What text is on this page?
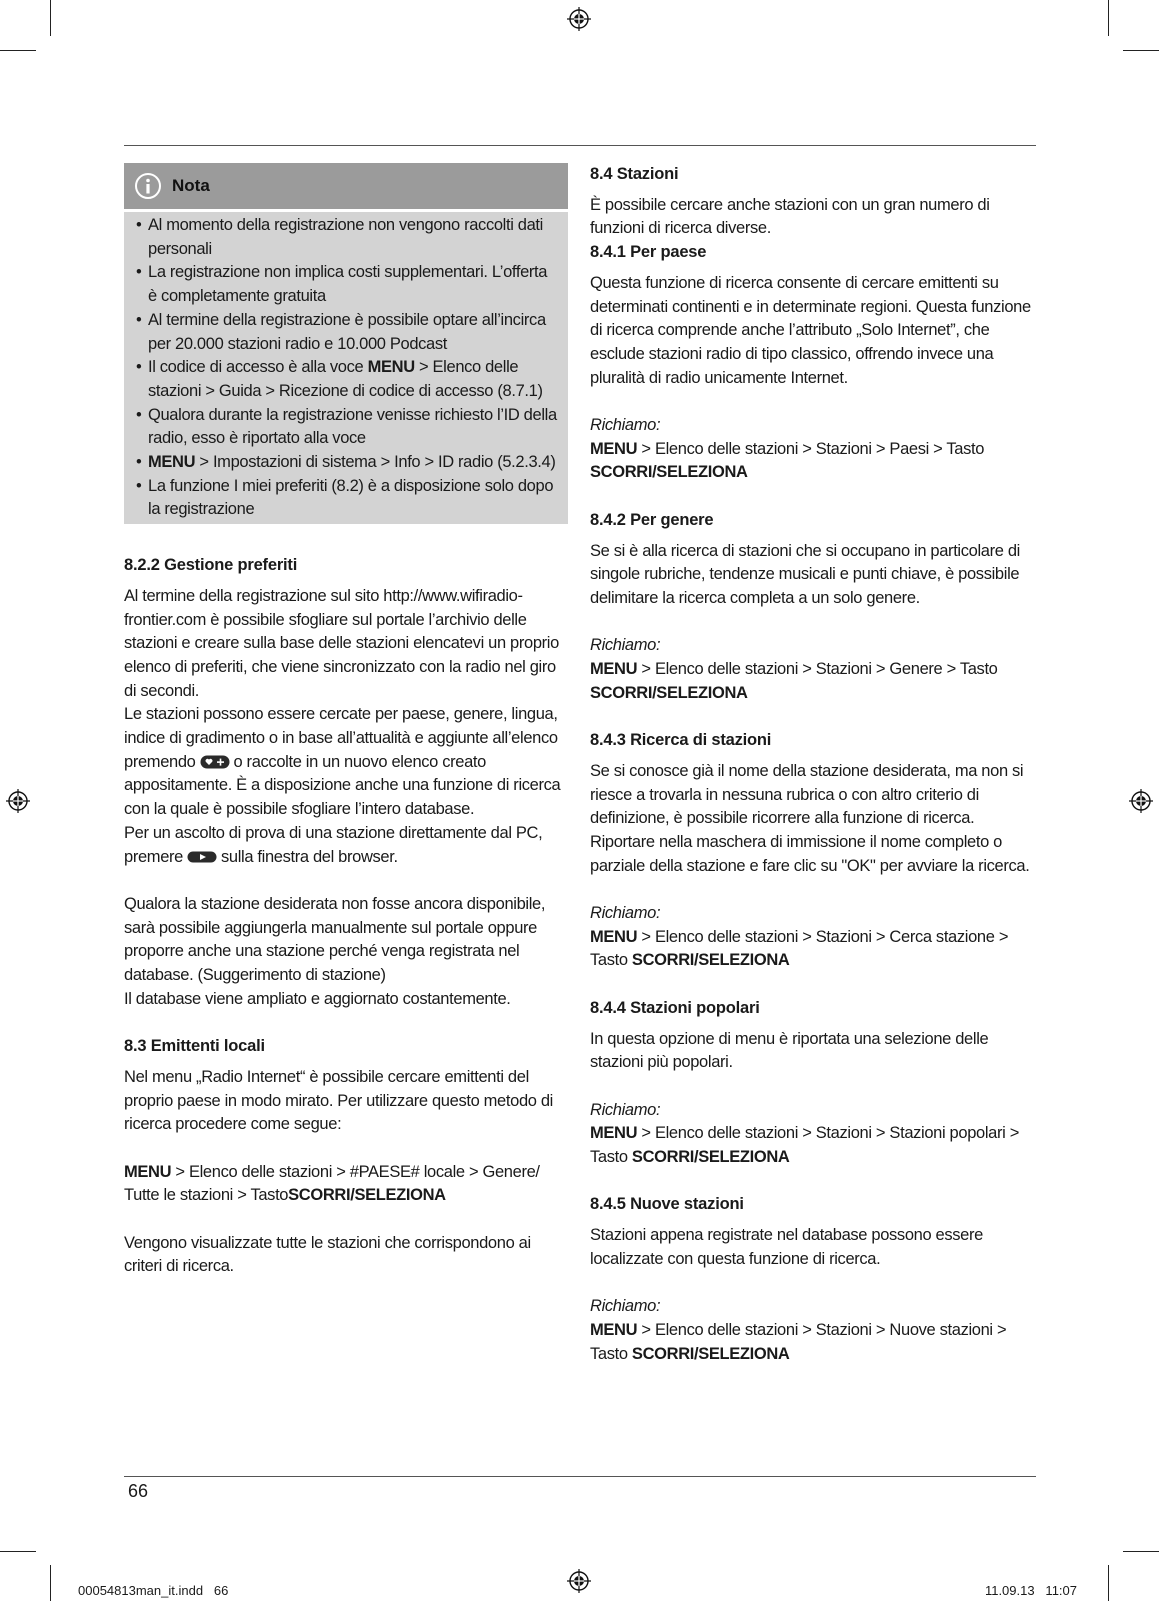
Nota
• Al momento della registrazione non vengono raccolti dati personali
• La registrazione non implica costi supplementari. L’offerta è completamente gratuita
• Al termine della registrazione è possibile optare all’incirca per 20.000 stazioni radio e 10.000 Podcast
• Il codice di accesso è alla voce MENU > Elenco delle stazioni > Guida > Ricezione di codice di accesso (8.7.1)
• Qualora durante la registrazione venisse richiesto l’ID della radio, esso è riportato alla voce
• MENU > Impostazioni di sistema > Info > ID radio (5.2.3.4)
• La funzione I miei preferiti (8.2) è a disposizione solo dopo la registrazione

8.2.2 Gestione preferiti

Al termine della registrazione sul sito http://www.wifiradio-frontier.com è possibile sfogliare sul portale l’archivio delle stazioni e creare sulla base delle stazioni elencatevi un proprio elenco di preferiti, che viene sincronizzato con la radio nel giro di secondi.

Le stazioni possono essere cercate per paese, genere, lingua, indice di gradimento o in base all’attualità e aggiunte all’elenco premendo o raccolte in un nuovo elenco creato appositamente. È a disposizione anche una funzione di ricerca con la quale è possibile sfogliare l’intero database.

Per un ascolto di prova di una stazione direttamente dal PC, premere sulla finestra del browser.

Qualora la stazione desiderata non fosse ancora disponibile, sarà possibile aggiungerla manualmente sul portale oppure proporre anche una stazione perché venga registrata nel database. (Suggerimento di stazione)

Il database viene ampliato e aggiornato costantemente.

8.3 Emittenti locali

Nel menu „Radio Internet“ è possibile cercare emittenti del proprio paese in modo mirato. Per utilizzare questo metodo di ricerca procedere come segue:

MENU > Elenco delle stazioni > #PAESE# locale > Genere/ Tutte le stazioni > TastoSCORRI/SELEZIONA

Vengono visualizzate tutte le stazioni che corrispondono ai criteri di ricerca.

8.4 Stazioni

È possibile cercare anche stazioni con un gran numero di funzioni di ricerca diverse.

8.4.1 Per paese

Questa funzione di ricerca consente di cercare emittenti su determinati continenti e in determinate regioni. Questa funzione di ricerca comprende anche l’attributo „Solo Internet”, che esclude stazioni radio di tipo classico, offrendo invece una pluralità di radio unicamente Internet.

Richiamo:

MENU > Elenco delle stazioni > Stazioni > Paesi > Tasto SCORRI/SELEZIONA

8.4.2 Per genere

Se si è alla ricerca di stazioni che si occupano in particolare di singole rubriche, tendenze musicali e punti chiave, è possibile delimitare la ricerca completa a un solo genere.

Richiamo:

MENU > Elenco delle stazioni > Stazioni > Genere > Tasto SCORRI/SELEZIONA

8.4.3 Ricerca di stazioni

Se si conosce già il nome della stazione desiderata, ma non si riesce a trovarla in nessuna rubrica o con altro criterio di definizione, è possibile ricorrere alla funzione di ricerca. Riportare nella maschera di immissione il nome completo o parziale della stazione e fare clic su "OK" per avviare la ricerca.

Richiamo:

MENU > Elenco delle stazioni > Stazioni > Cerca stazione > Tasto SCORRI/SELEZIONA

8.4.4 Stazioni popolari

In questa opzione di menu è riportata una selezione delle stazioni più popolari.

Richiamo:

MENU > Elenco delle stazioni > Stazioni > Stazioni popolari > Tasto SCORRI/SELEZIONA

8.4.5 Nuove stazioni

Stazioni appena registrate nel database possono essere localizzate con questa funzione di ricerca.

Richiamo:

MENU > Elenco delle stazioni > Stazioni > Nuove stazioni > Tasto SCORRI/SELEZIONA

66
00054813man_it.indd   66	11.09.13   11:07
